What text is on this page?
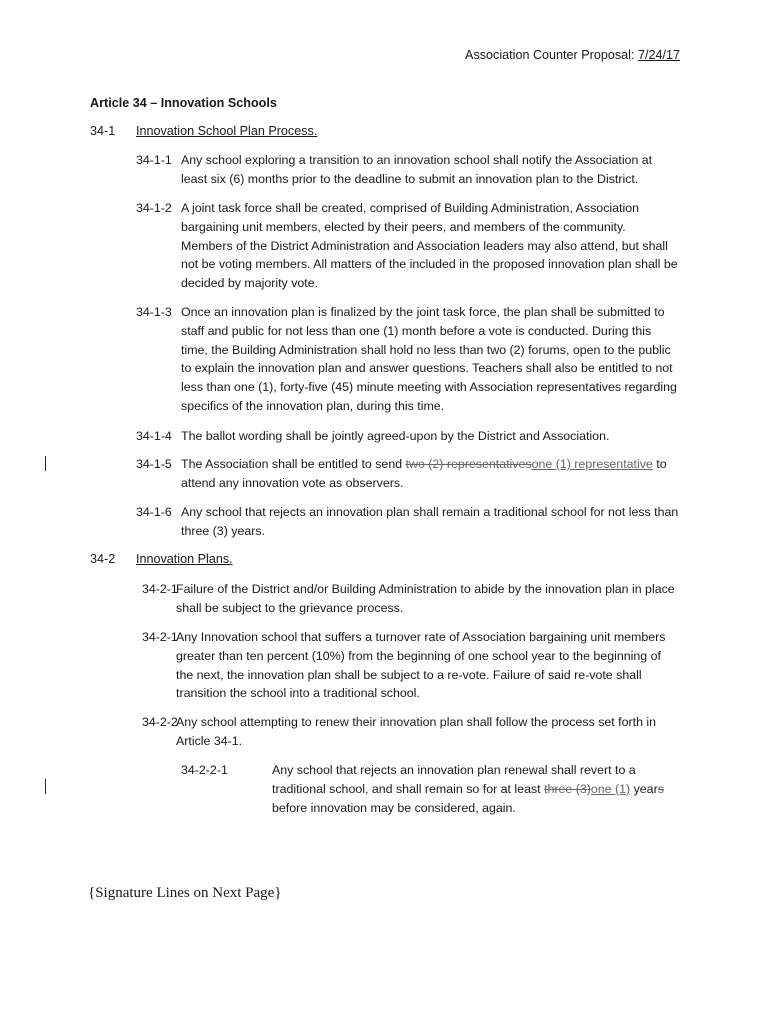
Association Counter Proposal: 7/24/17
Article 34 – Innovation Schools
34-1 Innovation School Plan Process.
34-1-1 Any school exploring a transition to an innovation school shall notify the Association at least six (6) months prior to the deadline to submit an innovation plan to the District.
34-1-2 A joint task force shall be created, comprised of Building Administration, Association bargaining unit members, elected by their peers, and members of the community. Members of the District Administration and Association leaders may also attend, but shall not be voting members. All matters of the included in the proposed innovation plan shall be decided by majority vote.
34-1-3 Once an innovation plan is finalized by the joint task force, the plan shall be submitted to staff and public for not less than one (1) month before a vote is conducted. During this time, the Building Administration shall hold no less than two (2) forums, open to the public to explain the innovation plan and answer questions. Teachers shall also be entitled to not less than one (1), forty-five (45) minute meeting with Association representatives regarding specifics of the innovation plan, during this time.
34-1-4 The ballot wording shall be jointly agreed-upon by the District and Association.
34-1-5 The Association shall be entitled to send two (2) representativesone (1) representative to attend any innovation vote as observers.
34-1-6 Any school that rejects an innovation plan shall remain a traditional school for not less than three (3) years.
34-2 Innovation Plans.
34-2-1
Failure of the District and/or Building Administration to abide by the innovation plan in place shall be subject to the grievance process.
34-2-1
Any Innovation school that suffers a turnover rate of Association bargaining unit members greater than ten percent (10%) from the beginning of one school year to the beginning of the next, the innovation plan shall be subject to a re-vote. Failure of said re-vote shall transition the school into a traditional school.
34-2-2
Any school attempting to renew their innovation plan shall follow the process set forth in Article 34-1.
34-2-2-1	Any school that rejects an innovation plan renewal shall revert to a traditional school, and shall remain so for at least three (3)one (1) years before innovation may be considered, again.
{Signature Lines on Next Page}
